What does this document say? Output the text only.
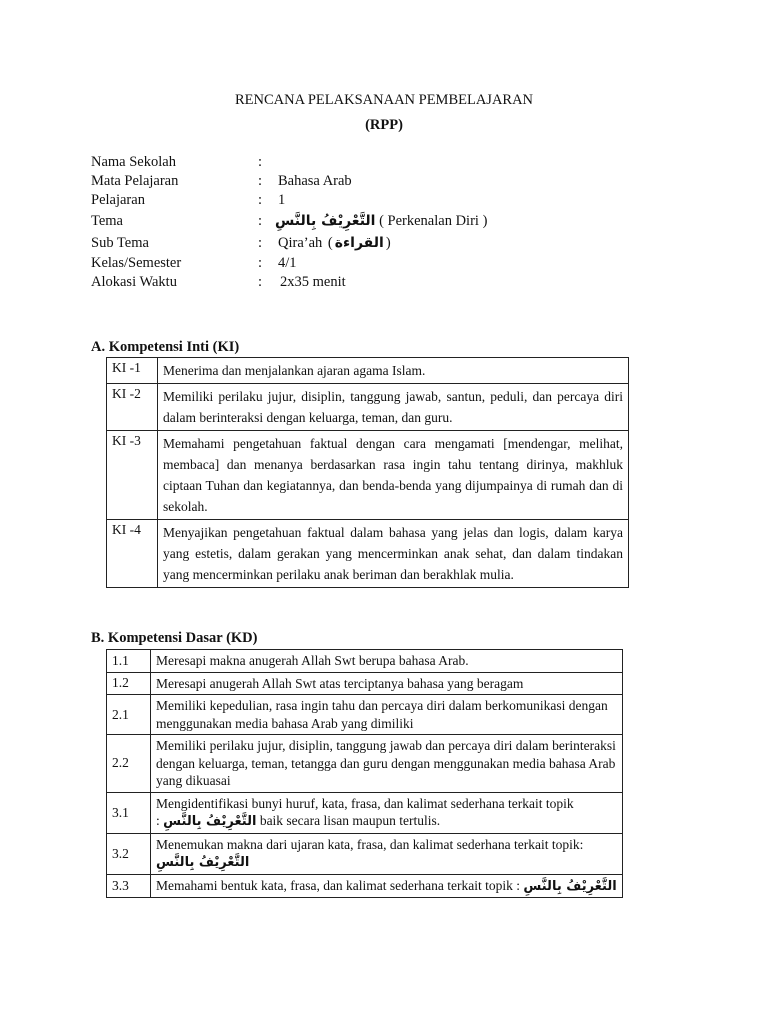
RENCANA PELAKSANAAN PEMBELAJARAN
(RPP)
Nama Sekolah	:
Mata Pelajaran	:	Bahasa Arab
Pelajaran	:	1
Tema	: التَّعْرِيْفُ بِالنَّسِ ( Perkenalan Diri )
Sub Tema	:	Qira’ah ( القراءة )
Kelas/Semester	:	4/1
Alokasi Waktu	:	2x35 menit
A. Kompetensi Inti (KI)
KI -1	Menerima dan menjalankan ajaran agama Islam.
KI -2	Memiliki perilaku jujur, disiplin, tanggung jawab, santun, peduli, dan percaya diri dalam berinteraksi dengan keluarga, teman, dan guru.
KI -3	Memahami pengetahuan faktual dengan cara mengamati [mendengar, melihat, membaca] dan menanya berdasarkan rasa ingin tahu tentang dirinya, makhluk ciptaan Tuhan dan kegiatannya, dan benda-benda yang dijumpainya di rumah dan di sekolah.
KI -4	Menyajikan pengetahuan faktual dalam bahasa yang jelas dan logis, dalam karya yang estetis, dalam gerakan yang mencerminkan anak sehat, dan dalam tindakan yang mencerminkan perilaku anak beriman dan berakhlak mulia.
B. Kompetensi Dasar (KD)
1.1	Meresapi makna anugerah Allah Swt berupa bahasa Arab.
1.2	Meresapi anugerah Allah Swt atas terciptanya bahasa yang beragam
2.1	Memiliki kepedulian, rasa ingin tahu dan percaya diri dalam berkomunikasi dengan menggunakan media bahasa Arab yang dimiliki
2.2	Memiliki perilaku jujur, disiplin, tanggung jawab dan percaya diri dalam berinteraksi dengan keluarga, teman, tetangga dan guru dengan menggunakan media bahasa Arab yang dikuasai
3.1	Mengidentifikasi bunyi huruf, kata, frasa, dan kalimat sederhana terkait topik
: التَّعْرِيْفُ بِالنَّسِ baik secara lisan maupun tertulis.
3.2	Menemukan makna dari ujaran kata, frasa, dan kalimat sederhana terkait topik:
التَّعْرِيْفُ بِالنَّسِ
3.3	Memahami bentuk kata, frasa, dan kalimat sederhana terkait topik : التَّعْرِيْفُ بِالنَّسِ
